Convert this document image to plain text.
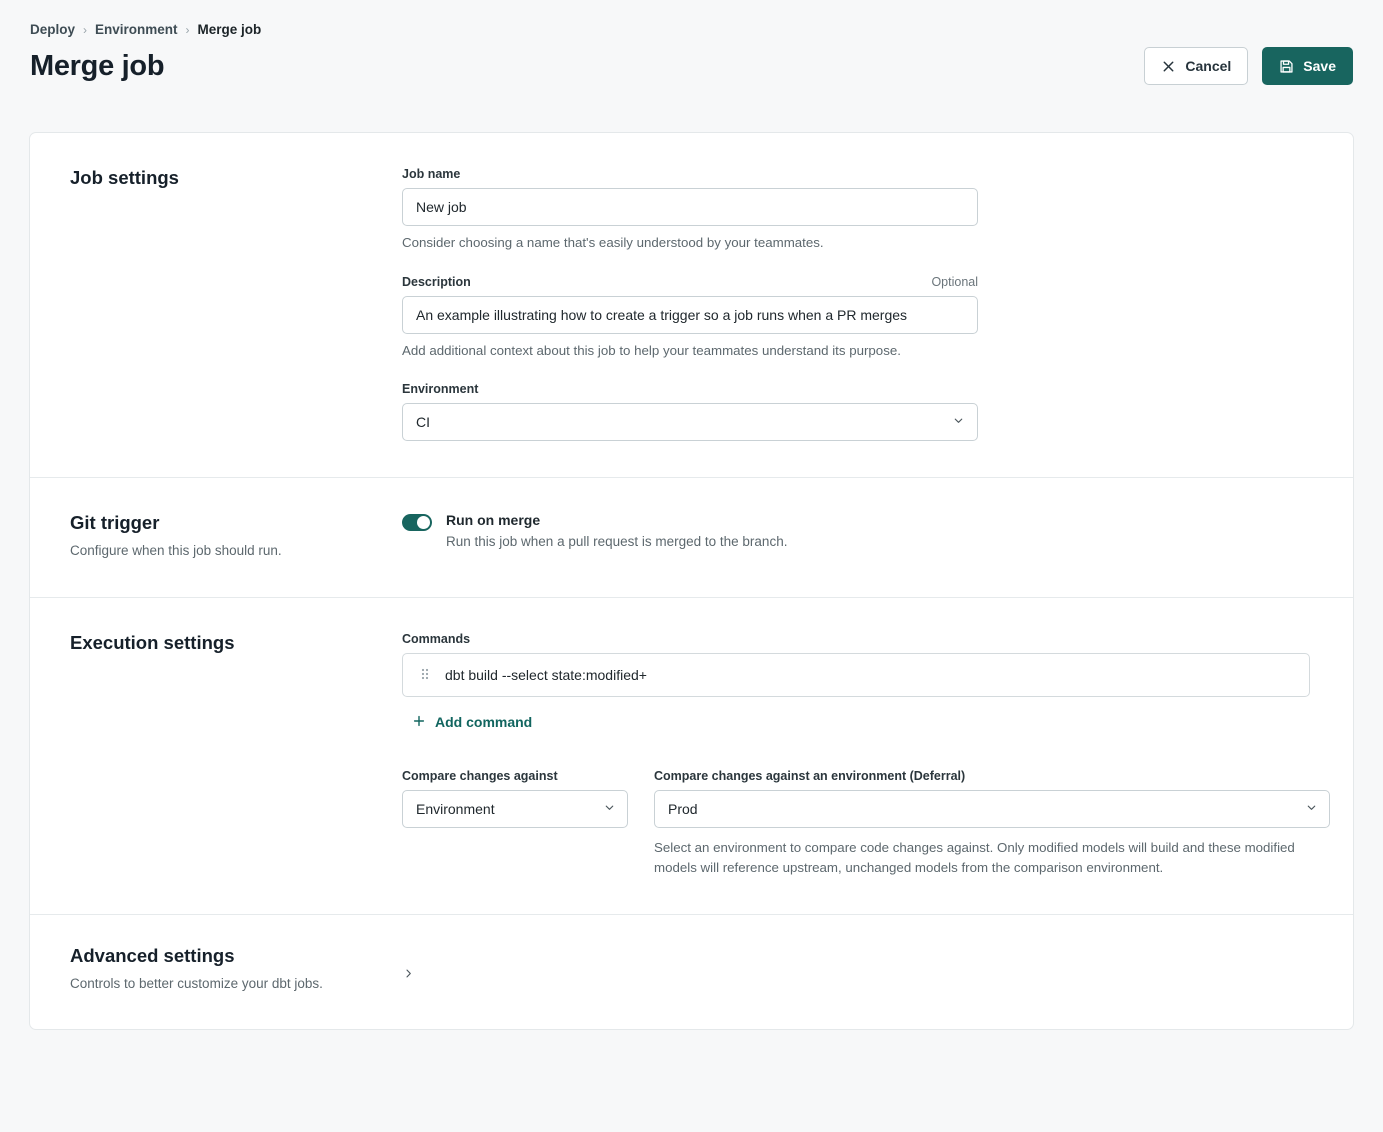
Deploy › Environment › Merge job
Merge job	Cancel	Save
Job settings	Job name
New job
Consider choosing a name that's easily understood by your teammates.
Description	Optional
An example illustrating how to create a trigger so a job runs when a PR merges
Add additional context about this job to help your teammates understand its purpose.
Environment
CI
Git trigger

Configure when this job should run.

Run on merge
Run this job when a pull request is merged to the branch.
Execution settings	Commands
dbt build --select state:modified+
Add command
Compare changes against
Environment
Compare changes against an environment (Deferral)
Prod
Select an environment to compare code changes against. Only modified models will build and these modified models will reference upstream, unchanged models from the comparison environment.
Advanced settings

Controls to better customize your dbt jobs.
